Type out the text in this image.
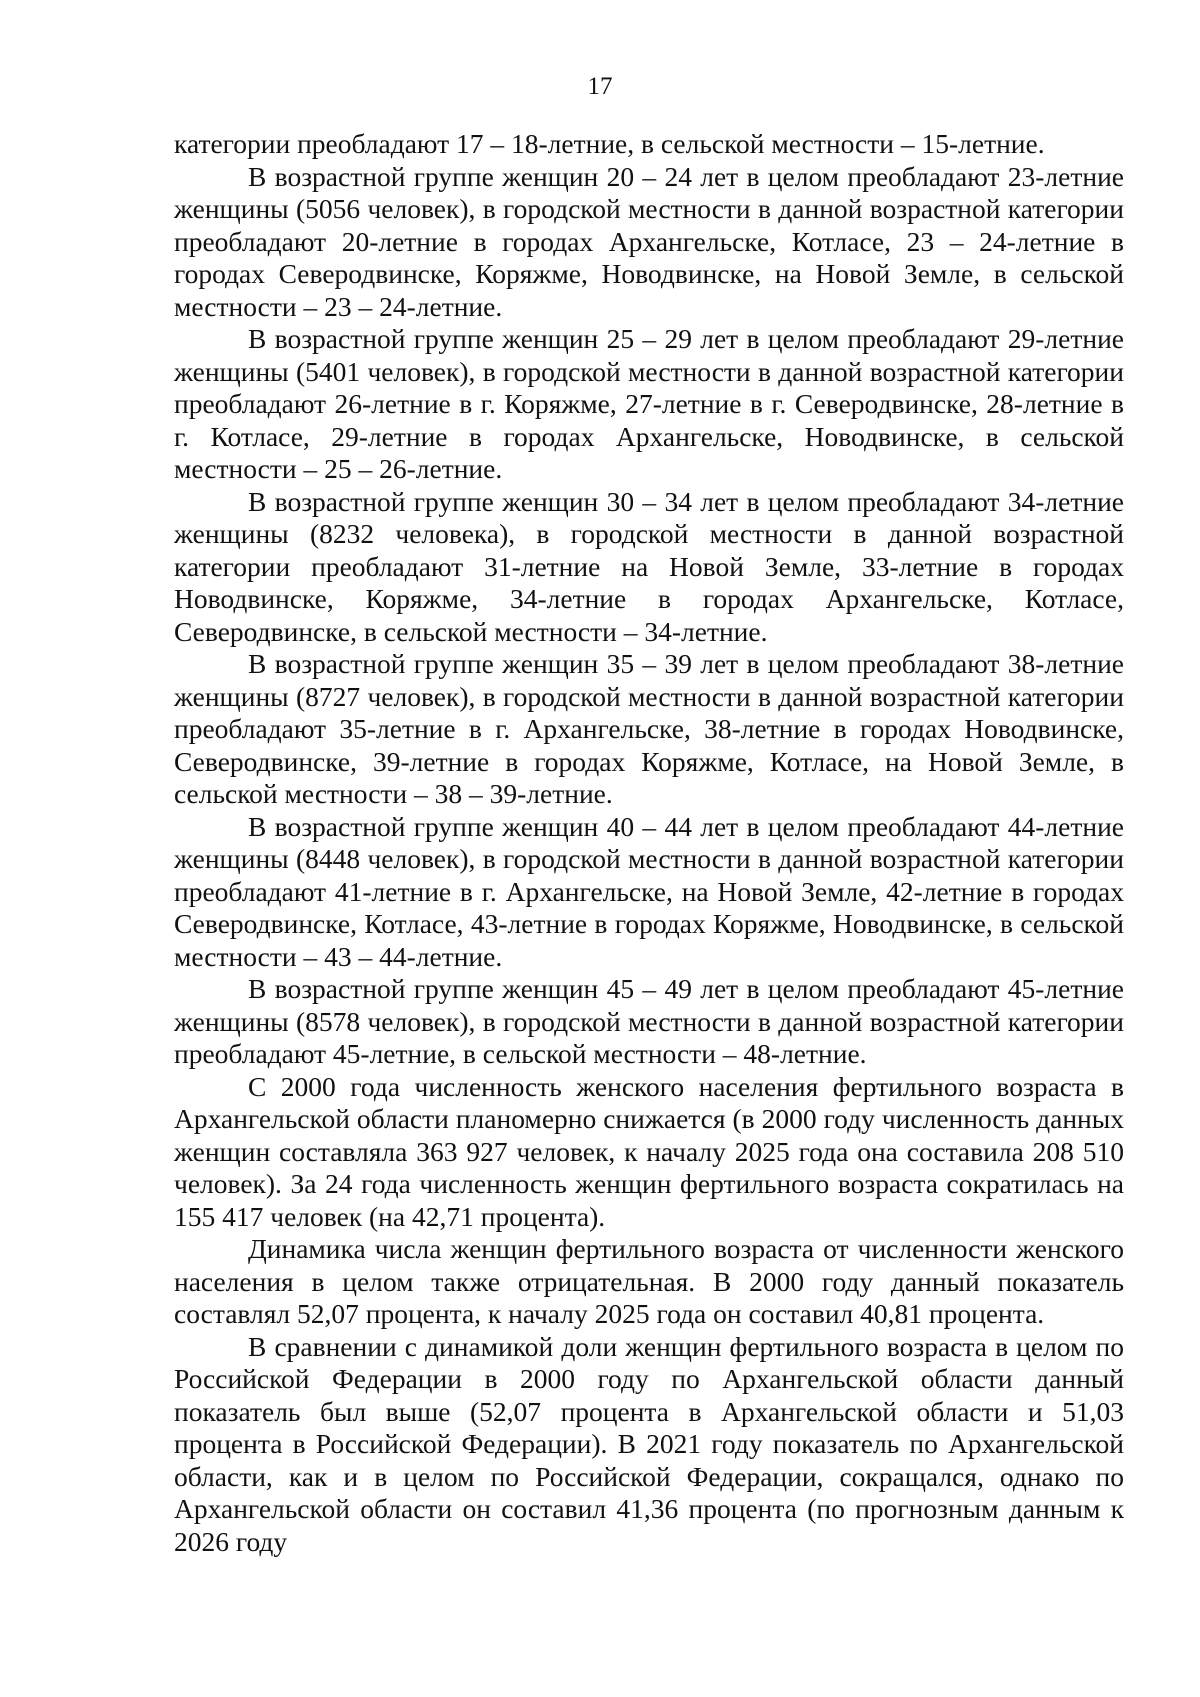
17

категории преобладают 17 – 18-летние, в сельской местности – 15-летние.

В возрастной группе женщин 20 – 24 лет в целом преобладают 23-летние женщины (5056 человек), в городской местности в данной возрастной категории преобладают 20-летние в городах Архангельске, Котласе, 23 – 24-летние в городах Северодвинске, Коряжме, Новодвинске, на Новой Земле, в сельской местности – 23 – 24-летние.

В возрастной группе женщин 25 – 29 лет в целом преобладают 29-летние женщины (5401 человек), в городской местности в данной возрастной категории преобладают 26-летние в г. Коряжме, 27-летние в г. Северодвинске, 28-летние в г. Котласе, 29-летние в городах Архангельске, Новодвинске, в сельской местности – 25 – 26-летние.

В возрастной группе женщин 30 – 34 лет в целом преобладают 34-летние женщины (8232 человека), в городской местности в данной возрастной категории преобладают 31-летние на Новой Земле, 33-летние в городах Новодвинске, Коряжме, 34-летние в городах Архангельске, Котласе, Северодвинске, в сельской местности – 34-летние.

В возрастной группе женщин 35 – 39 лет в целом преобладают 38-летние женщины (8727 человек), в городской местности в данной возрастной категории преобладают 35-летние в г. Архангельске, 38-летние в городах Новодвинске, Северодвинске, 39-летние в городах Коряжме, Котласе, на Новой Земле, в сельской местности – 38 – 39-летние.

В возрастной группе женщин 40 – 44 лет в целом преобладают 44-летние женщины (8448 человек), в городской местности в данной возрастной категории преобладают 41-летние в г. Архангельске, на Новой Земле, 42-летние в городах Северодвинске, Котласе, 43-летние в городах Коряжме, Новодвинске, в сельской местности – 43 – 44-летние.

В возрастной группе женщин 45 – 49 лет в целом преобладают 45-летние женщины (8578 человек), в городской местности в данной возрастной категории преобладают 45-летние, в сельской местности – 48-летние.

С 2000 года численность женского населения фертильного возраста в Архангельской области планомерно снижается (в 2000 году численность данных женщин составляла 363 927 человек, к началу 2025 года она составила 208 510 человек). За 24 года численность женщин фертильного возраста сократилась на 155 417 человек (на 42,71 процента).

Динамика числа женщин фертильного возраста от численности женского населения в целом также отрицательная. В 2000 году данный показатель составлял 52,07 процента, к началу 2025 года он составил 40,81 процента.

В сравнении с динамикой доли женщин фертильного возраста в целом по Российской Федерации в 2000 году по Архангельской области данный показатель был выше (52,07 процента в Архангельской области и 51,03 процента в Российской Федерации). В 2021 году показатель по Архангельской области, как и в целом по Российской Федерации, сокращался, однако по Архангельской области он составил 41,36 процента (по прогнозным данным к 2026 году
